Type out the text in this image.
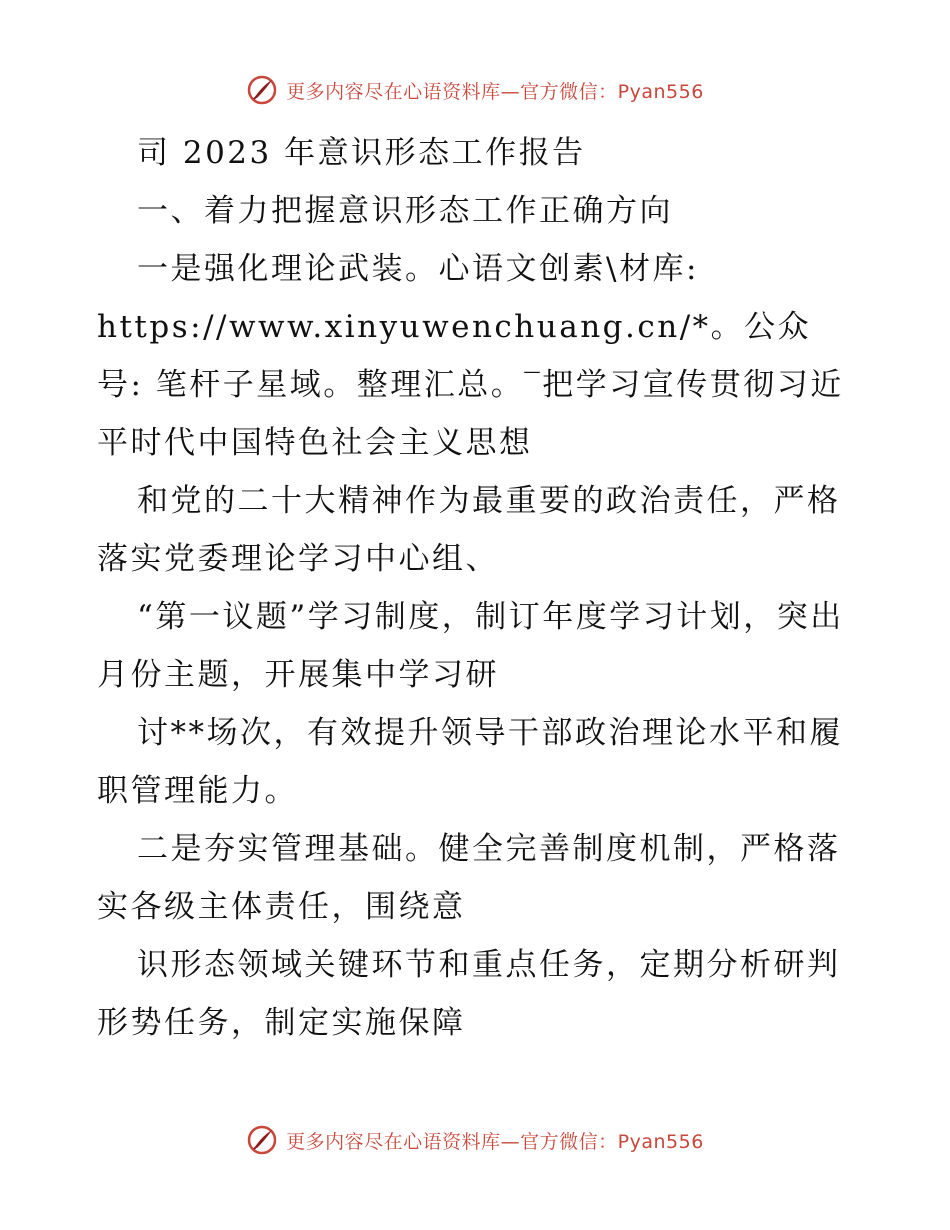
更多内容尽在心语资料库—官方微信：Pyan556

司 2023 年意识形态工作报告

一、着力把握意识形态工作正确方向

一是强化理论武装。心语文创素\材库:

https://www.xinyuwenchuang.cn/*。公众号: 笔杆子星域。整理汇总。‾把学习宣传贯彻习近平时代中国特色社会主义思想

和党的二十大精神作为最重要的政治责任，严格落实党委理论学习中心组、

“第一议题”学习制度，制订年度学习计划，突出月份主题，开展集中学习研

讨**场次，有效提升领导干部政治理论水平和履职管理能力。

二是夯实管理基础。健全完善制度机制，严格落实各级主体责任，围绕意

识形态领域关键环节和重点任务，定期分析研判形势任务，制定实施保障

更多内容尽在心语资料库—官方微信：Pyan556
